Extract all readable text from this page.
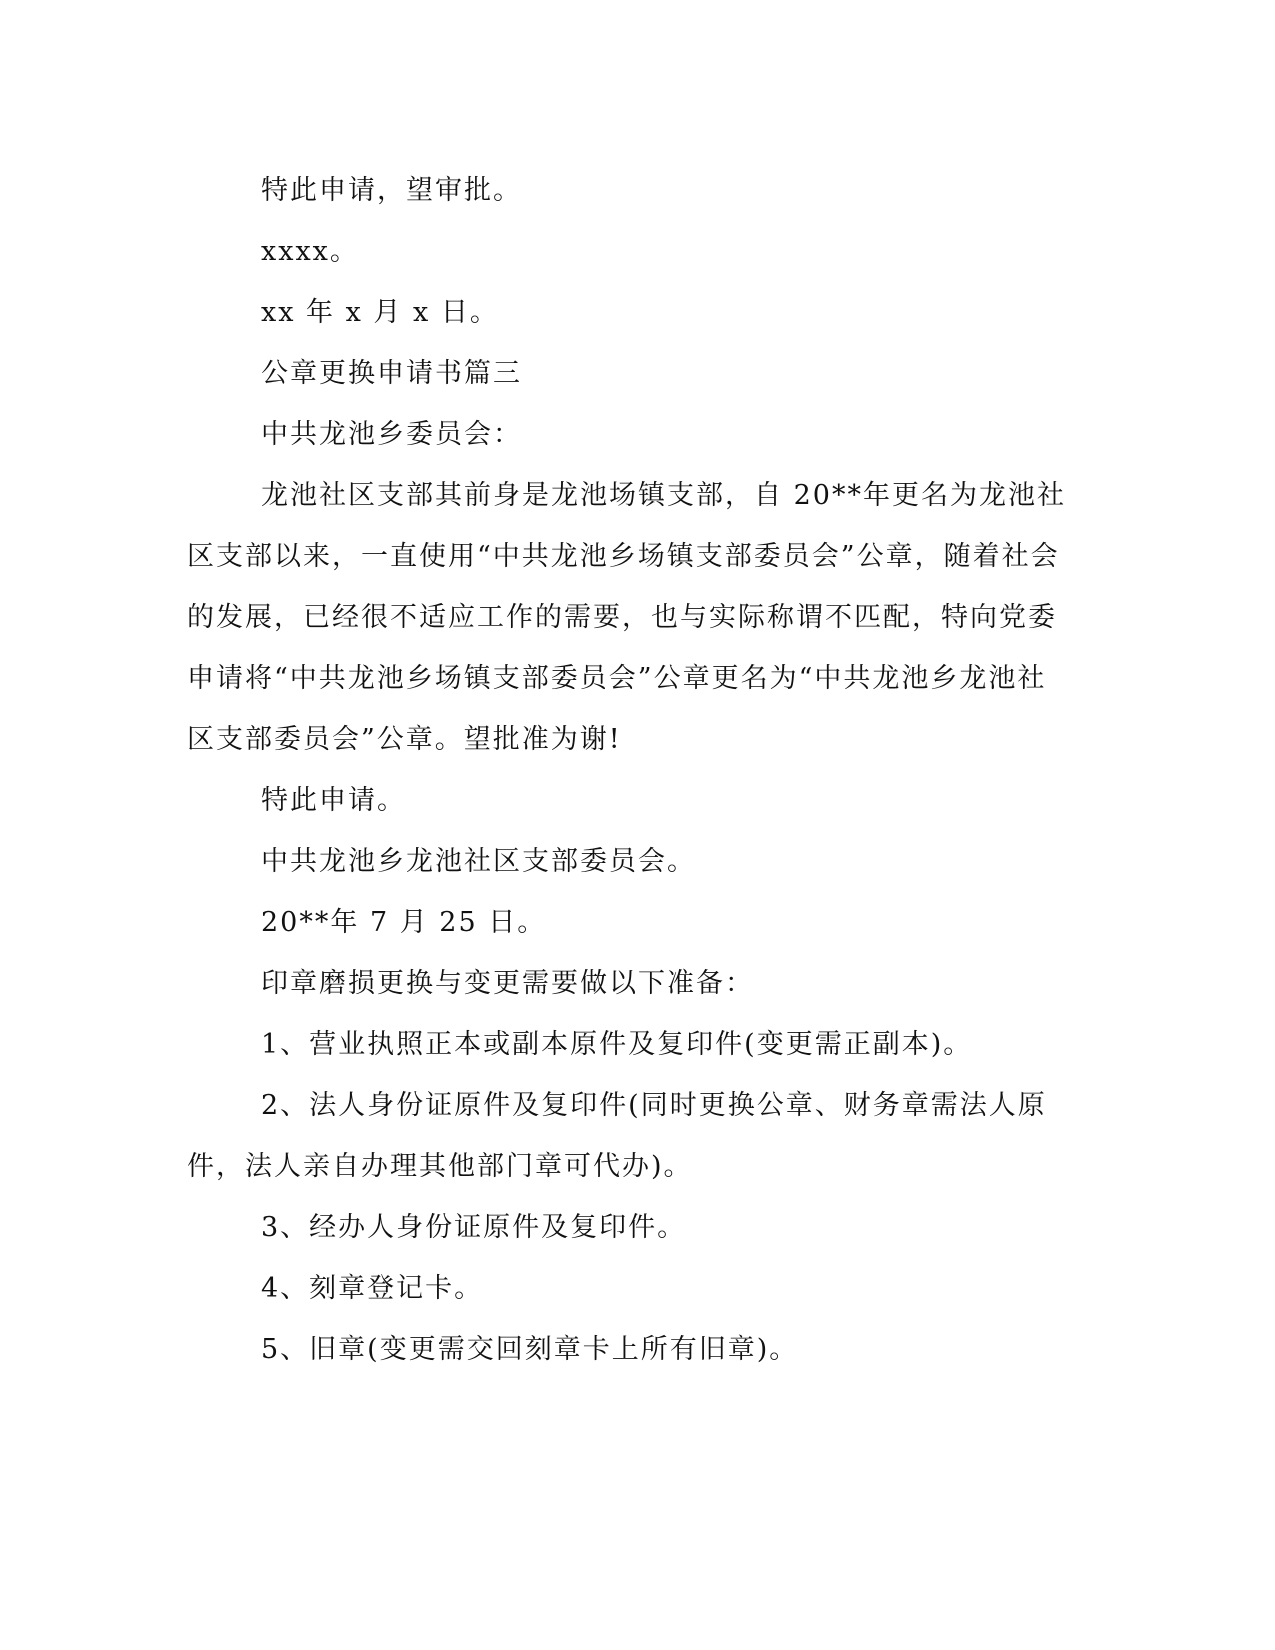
特此申请，望审批。

xxxx。

xx 年 x 月 x 日。

公章更换申请书篇三

中共龙池乡委员会：

龙池社区支部其前身是龙池场镇支部，自 20**年更名为龙池社区支部以来，一直使用“中共龙池乡场镇支部委员会”公章，随着社会的发展，已经很不适应工作的需要，也与实际称谓不匹配，特向党委申请将“中共龙池乡场镇支部委员会”公章更名为“中共龙池乡龙池社区支部委员会”公章。望批准为谢!

特此申请。

中共龙池乡龙池社区支部委员会。

20**年 7 月 25 日。

印章磨损更换与变更需要做以下准备：

1、营业执照正本或副本原件及复印件(变更需正副本)。

2、法人身份证原件及复印件(同时更换公章、财务章需法人原件，法人亲自办理其他部门章可代办)。

3、经办人身份证原件及复印件。

4、刻章登记卡。

5、旧章(变更需交回刻章卡上所有旧章)。
